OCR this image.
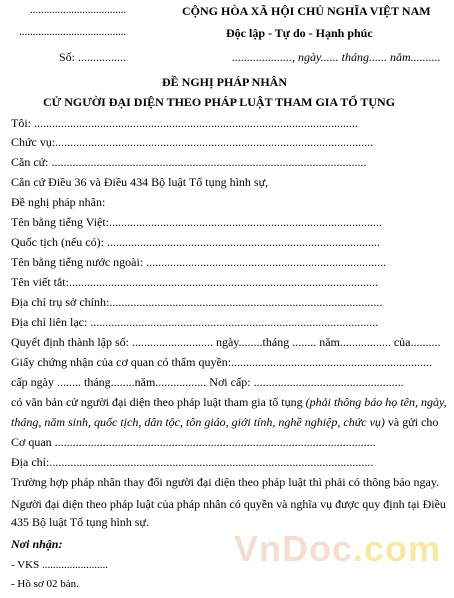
...................................
.......................................
Số: ................
CỘNG HÒA XÃ HỘI CHỦ NGHĨA VIỆT NAM
Độc lập - Tự do - Hạnh phúc
...................., ngày...... tháng...... năm..........
ĐỀ NGHỊ PHÁP NHÂN
CỬ NGƯỜI ĐẠI DIỆN THEO PHÁP LUẬT THAM GIA TỐ TỤNG
Tôi: ............................................................................................................
Chức vụ:..........................................................................................................
Căn cứ: .........................................................................................................
Căn cứ Điều 36 và Điều 434 Bộ luật Tố tụng hình sự,
Đề nghị pháp nhân:
Tên bằng tiếng Việt:...........................................................................................
Quốc tịch (nếu có): ...........................................................................................
Tên bằng tiếng nước ngoài: ................................................................................
Tên viết tắt:.......................................................................................................
Địa chỉ trụ sở chính:...........................................................................................
Địa chỉ liên lạc: ................................................................................................
Quyết định thành lập số: ........................... ngày........tháng ........ năm................. của..........
Giấy chứng nhận của cơ quan có thẩm quyền:...................................................................
cấp ngày ........ tháng........năm................. Nơi cấp: ..................................................
có văn bản cử người đại diện theo pháp luật tham gia tố tụng (phải thông báo họ tên, ngày,
tháng, năm sinh, quốc tịch, dân tộc, tôn giáo, giới tính, nghề nghiệp, chức vụ) và gửi cho
Cơ quan ...........................................................................................................
Địa chỉ:............................................................................................................
Trường hợp pháp nhân thay đổi người đại diện theo pháp luật thì phải có thông báo ngay.
Người đại diện theo pháp luật của pháp nhân có quyền và nghĩa vụ được quy định tại Điều
435 Bộ luật Tố tụng hình sự.
Nơi nhận:
- VKS ........................
- Hồ sơ 02 bản.
VnDoc.com
